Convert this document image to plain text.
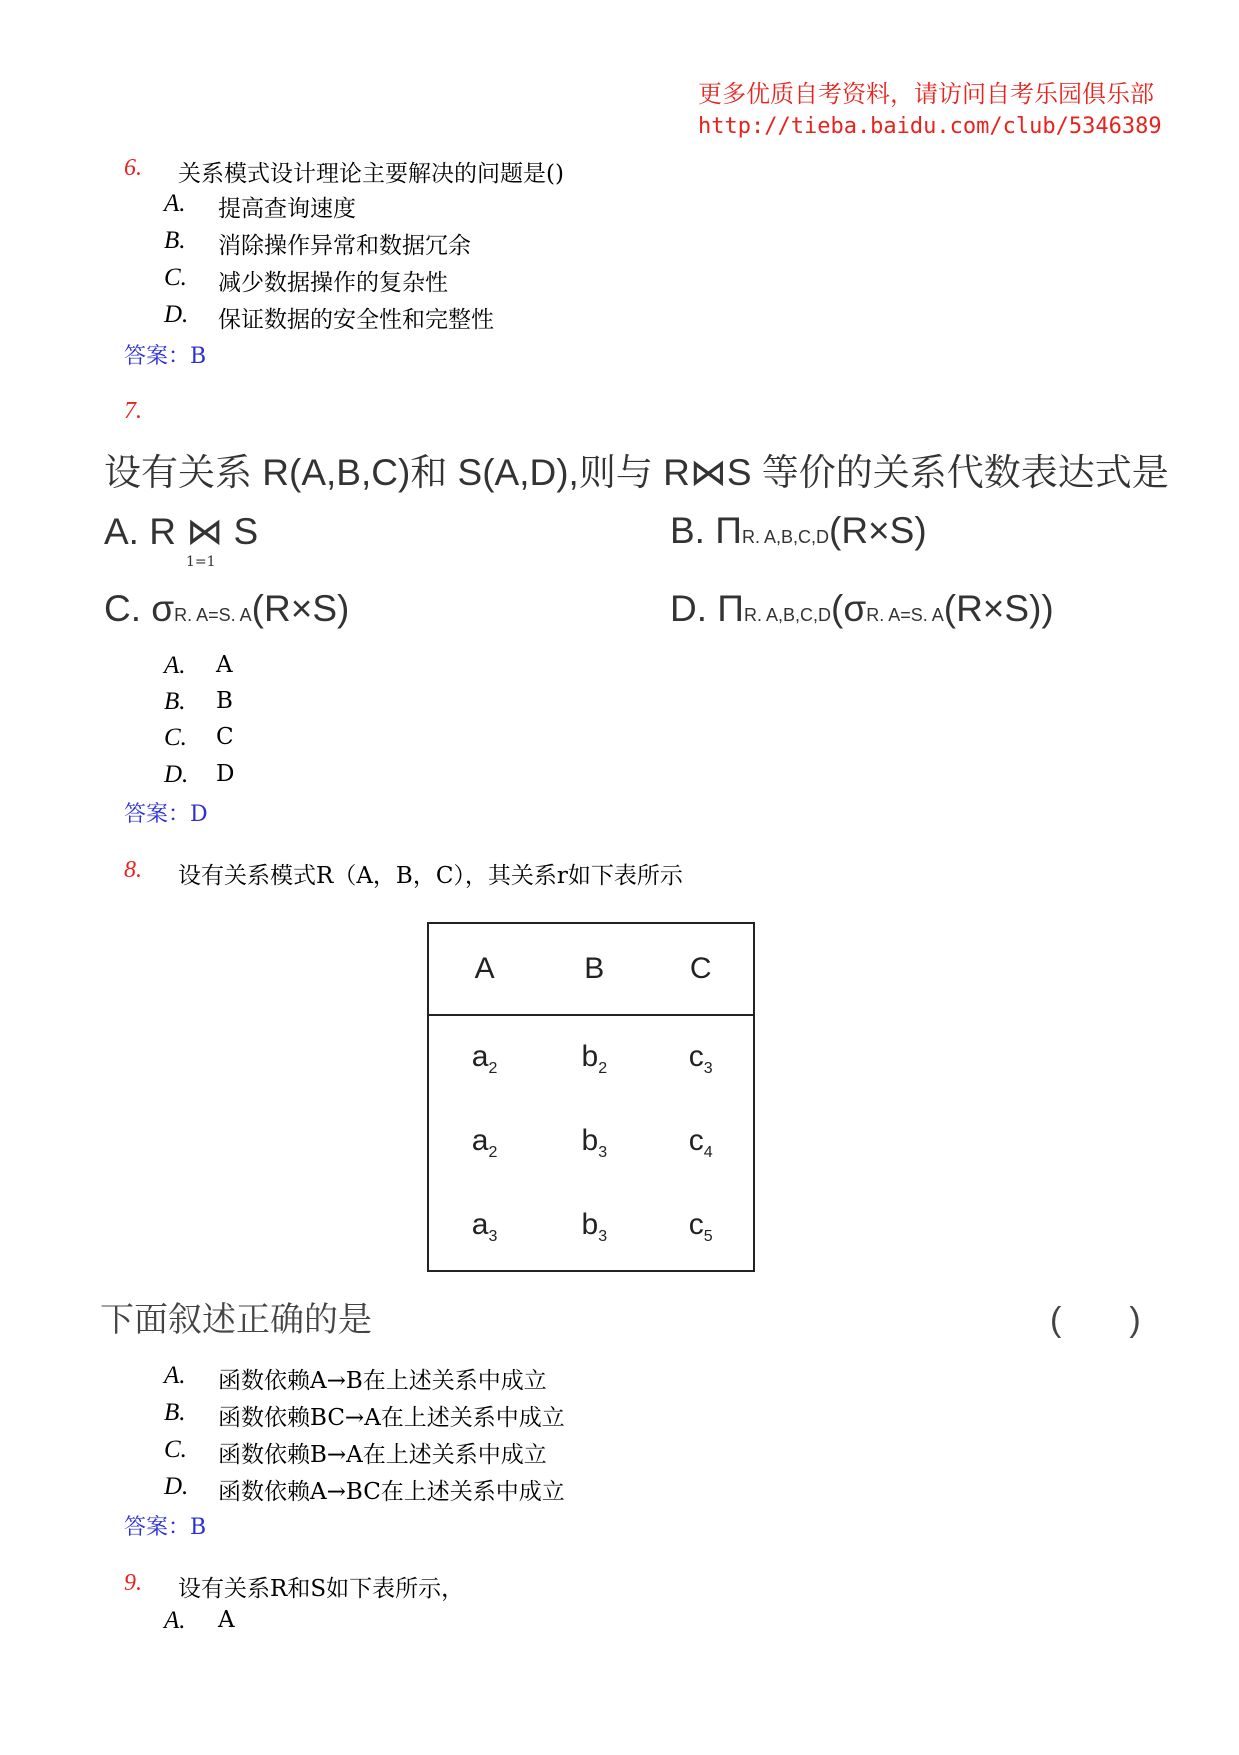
更多优质自考资料，请访问自考乐园俱乐部
http://tieba.baidu.com/club/5346389
6. 关系模式设计理论主要解决的问题是()
A. 提高查询速度
B. 消除操作异常和数据冗余
C. 减少数据操作的复杂性
D. 保证数据的安全性和完整性
答案：B
7.
设有关系 R(A,B,C)和 S(A,D),则与 R⋈S 等价的关系代数表达式是
A. R ⋈ S
1=1
B. ΠR. A,B,C,D(R×S)
C. σR. A=S. A(R×S)	D. ΠR. A,B,C,D(σR. A=S. A(R×S))
A. A
B. B
C. C
D. D
答案：D
8. 设有关系模式R（A，B，C），其关系r如下表所示
A	B	C
$a_2$	$b_2$	$c_3$
$a_2$	$b_3$	$c_4$
$a_3$	$b_3$	$c_5$
下面叙述正确的是	(　　)
A. 函数依赖A→B在上述关系中成立
B. 函数依赖BC→A在上述关系中成立
C. 函数依赖B→A在上述关系中成立
D. 函数依赖A→BC在上述关系中成立
答案：B
9. 设有关系R和S如下表所示，
A. A
